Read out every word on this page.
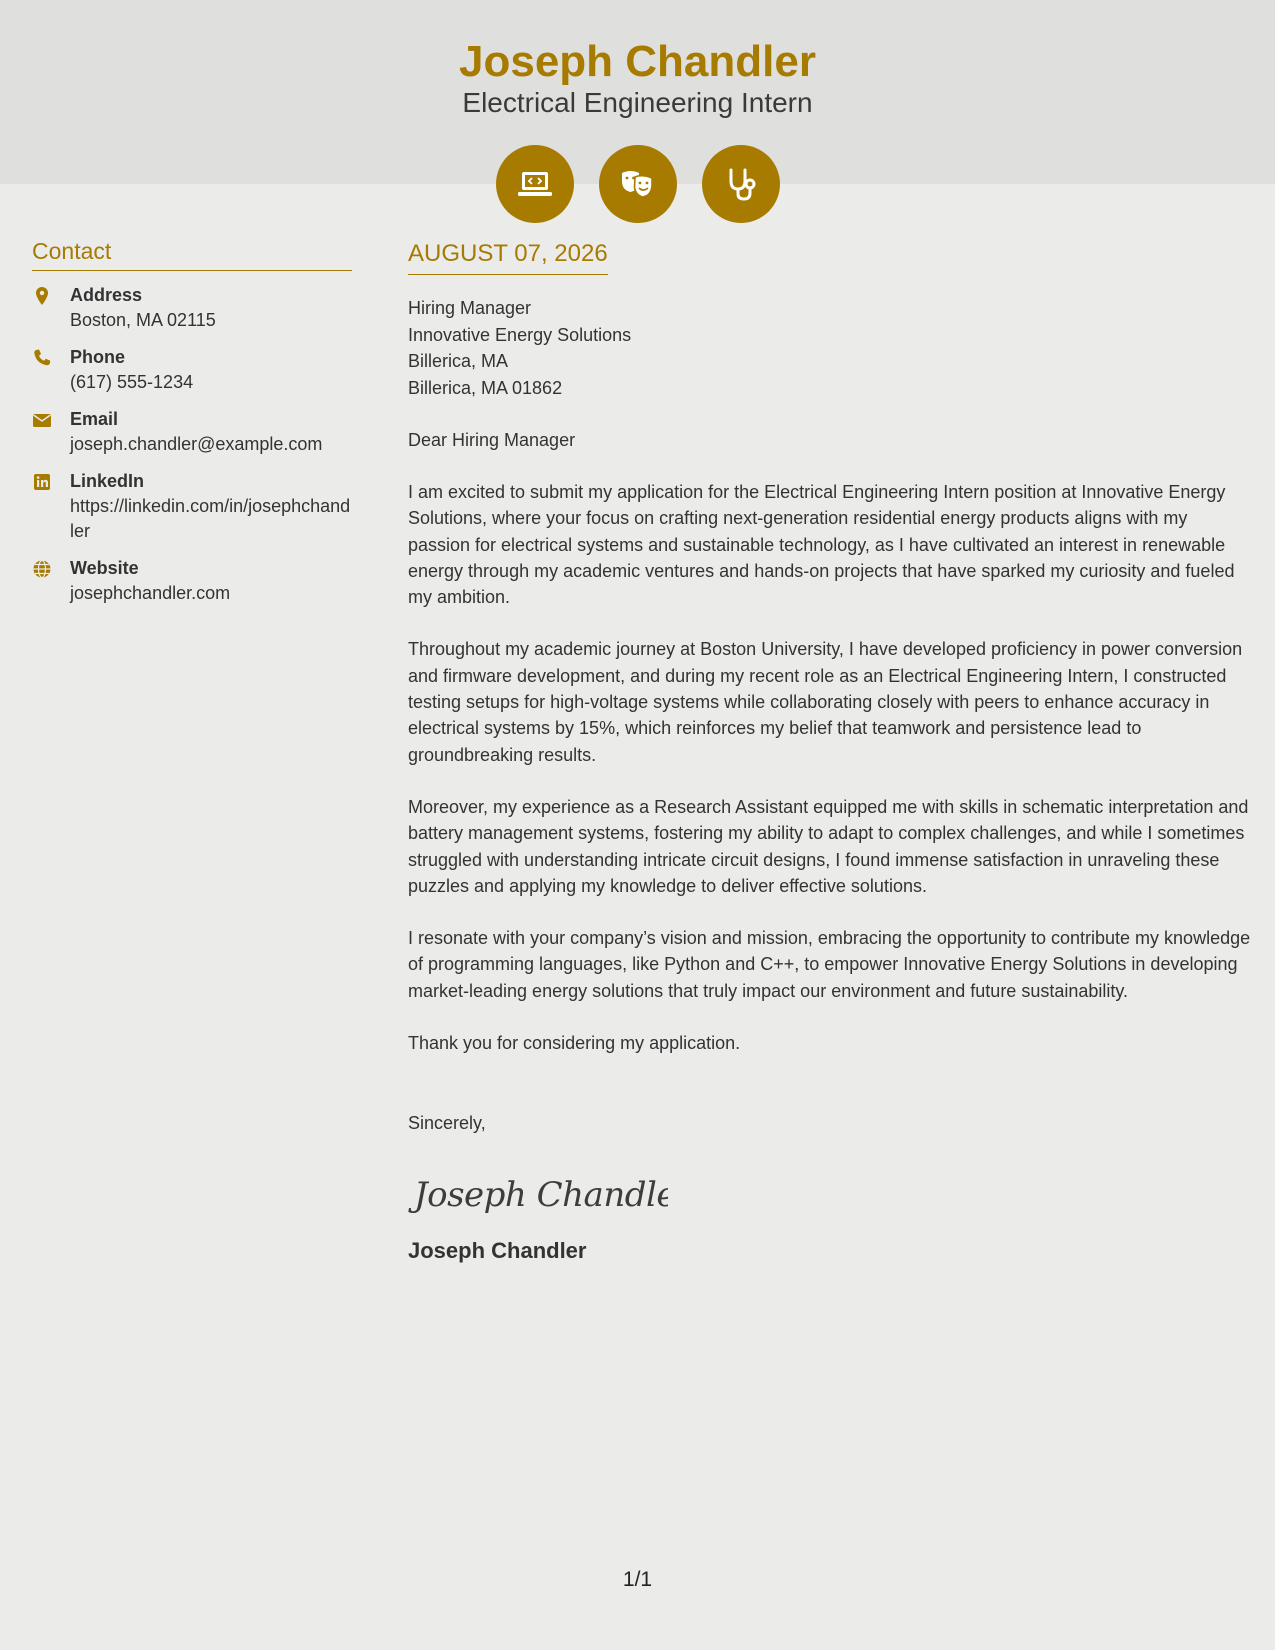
Joseph Chandler
Electrical Engineering Intern
Contact
Address
Boston, MA 02115
Phone
(617) 555-1234
Email
joseph.chandler@example.com
LinkedIn
https://linkedin.com/in/josephchandler
Website
josephchandler.com
AUGUST 07, 2026
Hiring Manager
Innovative Energy Solutions
Billerica, MA
Billerica, MA 01862
Dear Hiring Manager
I am excited to submit my application for the Electrical Engineering Intern position at Innovative Energy Solutions, where your focus on crafting next-generation residential energy products aligns with my passion for electrical systems and sustainable technology, as I have cultivated an interest in renewable energy through my academic ventures and hands-on projects that have sparked my curiosity and fueled my ambition.
Throughout my academic journey at Boston University, I have developed proficiency in power conversion and firmware development, and during my recent role as an Electrical Engineering Intern, I constructed testing setups for high-voltage systems while collaborating closely with peers to enhance accuracy in electrical systems by 15%, which reinforces my belief that teamwork and persistence lead to groundbreaking results.
Moreover, my experience as a Research Assistant equipped me with skills in schematic interpretation and battery management systems, fostering my ability to adapt to complex challenges, and while I sometimes struggled with understanding intricate circuit designs, I found immense satisfaction in unraveling these puzzles and applying my knowledge to deliver effective solutions.
I resonate with your company’s vision and mission, embracing the opportunity to contribute my knowledge of programming languages, like Python and C++, to empower Innovative Energy Solutions in developing market-leading energy solutions that truly impact our environment and future sustainability.
Thank you for considering my application.
Sincerely,
Joseph Chandler
Joseph Chandler
1/1
